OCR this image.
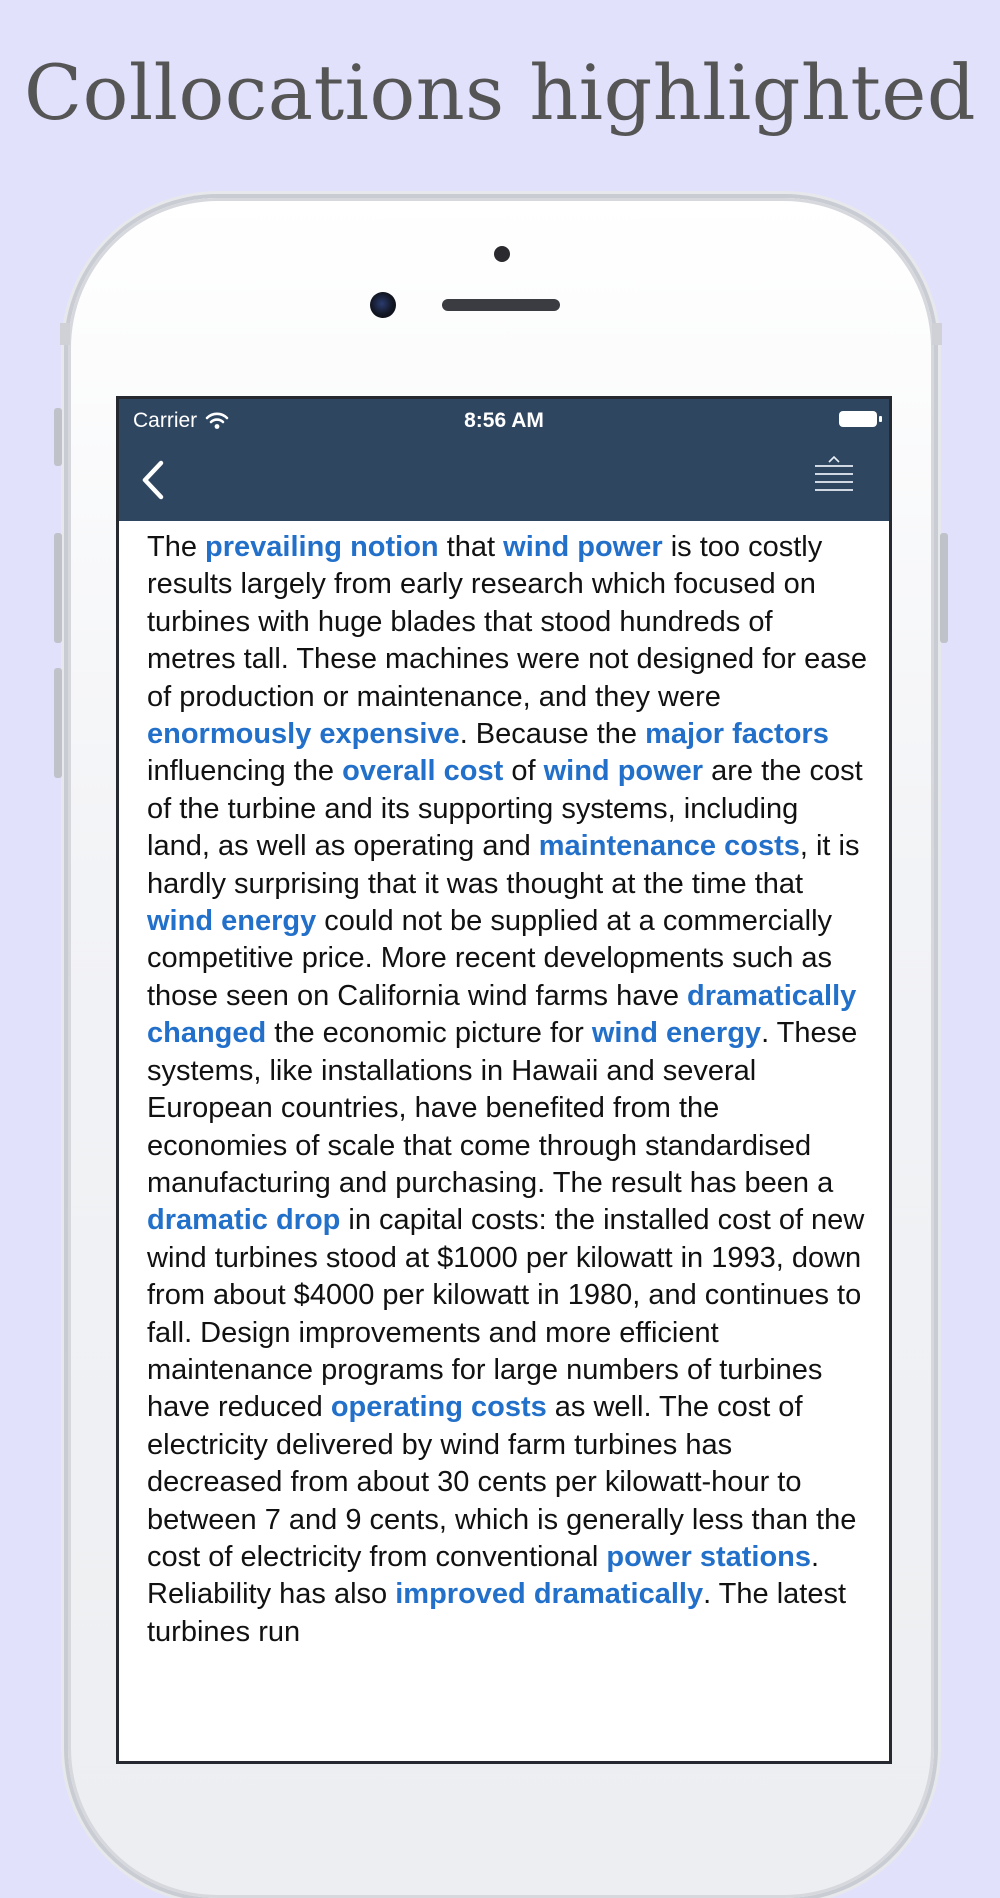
Collocations highlighted
Carrier	8:56 AM

The prevailing notion that wind power is too costly results largely from early research which focused on turbines with huge blades that stood hundreds of metres tall. These machines were not designed for ease of production or maintenance, and they were enormously expensive. Because the major factors influencing the overall cost of wind power are the cost of the turbine and its supporting systems, including land, as well as operating and maintenance costs, it is hardly surprising that it was thought at the time that wind energy could not be supplied at a commercially competitive price. More recent developments such as those seen on California wind farms have dramatically changed the economic picture for wind energy. These systems, like installations in Hawaii and several European countries, have benefited from the economies of scale that come through standardised manufacturing and purchasing. The result has been a dramatic drop in capital costs: the installed cost of new wind turbines stood at $1000 per kilowatt in 1993, down from about $4000 per kilowatt in 1980, and continues to fall. Design improvements and more efficient maintenance programs for large numbers of turbines have reduced operating costs as well. The cost of electricity delivered by wind farm turbines has decreased from about 30 cents per kilowatt-hour to between 7 and 9 cents, which is generally less than the cost of electricity from conventional power stations. Reliability has also improved dramatically. The latest turbines run
